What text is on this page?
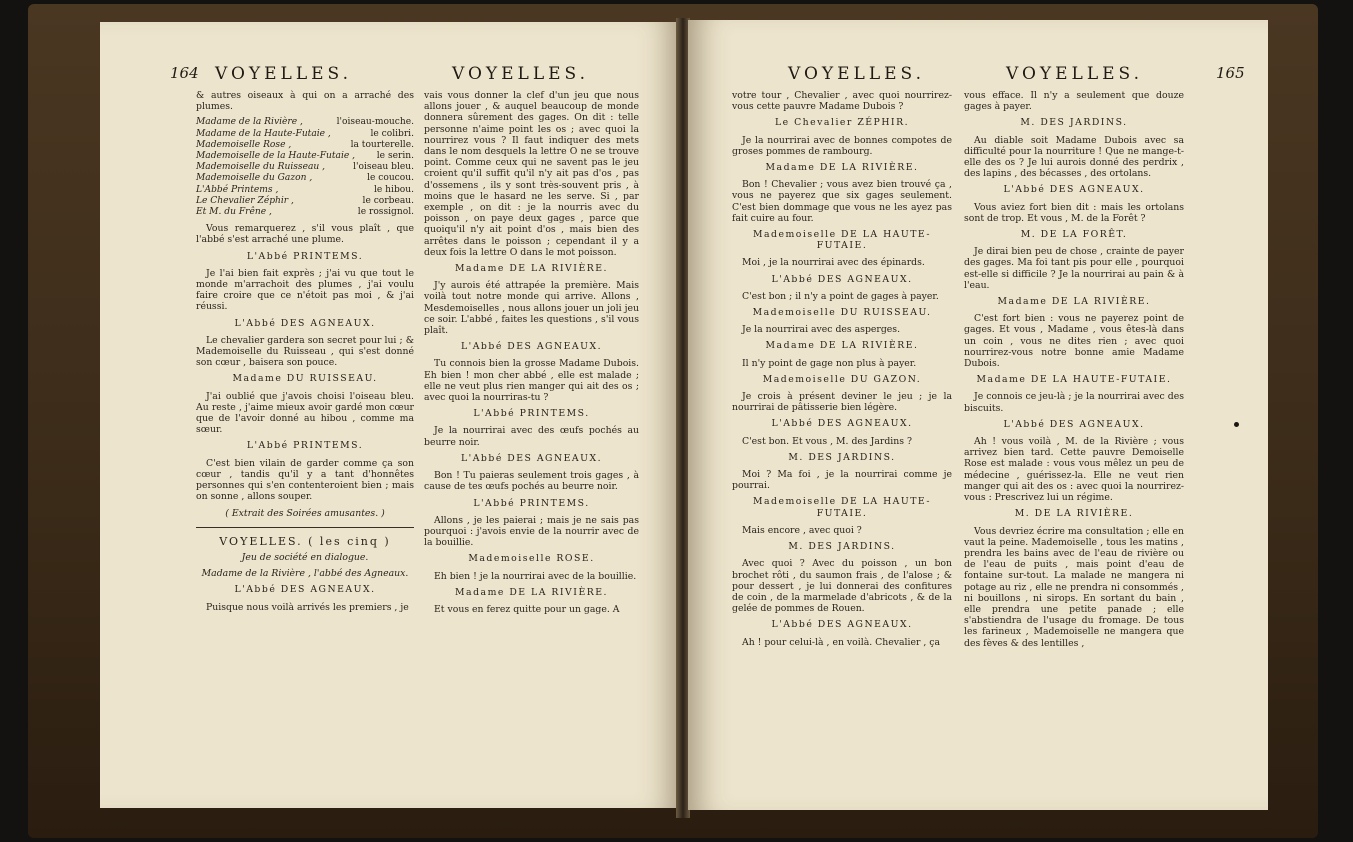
164 VOYELLES.	VOYELLES.

& autres oiseaux à qui on a arraché des plumes.

Madame de la Rivière ,	l'oiseau-mouche.
Madame de la Haute-Futaie ,	le colibri.
Mademoiselle Rose ,	la tourterelle.
Mademoiselle de la Haute-Futaie , le serin.
Mademoiselle du Ruisseau ,	l'oiseau bleu.
Mademoiselle du Gazon ,	le coucou.
L'Abbé Printems ,	le hibou.
Le Chevalier Zéphir ,	le corbeau.
Et M. du Frêne ,	le rossignol.

Vous remarquerez , s'il vous plaît , que l'abbé s'est arraché une plume.

L'Abbé PRINTEMS.

Je l'ai bien fait exprès ; j'ai vu que tout le monde m'arrachoit des plumes , j'ai voulu faire croire que ce n'étoit pas moi , & j'ai réussi.

L'Abbé DES AGNEAUX.

Le chevalier gardera son secret pour lui ; & Mademoiselle du Ruisseau , qui s'est donné son cœur , baisera son pouce.

Madame DU RUISSEAU.

J'ai oublié que j'avois choisi l'oiseau bleu. Au reste , j'aime mieux avoir gardé mon cœur que de l'avoir donné au hibou , comme ma sœur.

L'Abbé PRINTEMS.

C'est bien vilain de garder comme ça son cœur , tandis qu'il y a tant d'honnêtes personnes qui s'en contenteroient bien ; mais on sonne , allons souper.

( Extrait des Soirées amusantes. )

VOYELLES. ( les cinq )

Jeu de société en dialogue.

Madame de la Rivière , l'abbé des Agneaux.

L'Abbé DES AGNEAUX.

Puisque nous voilà arrivés les premiers , je

vais vous donner la clef d'un jeu que nous allons jouer , & auquel beaucoup de monde donnera sûrement des gages. On dit : telle personne n'aime point les os ; avec quoi la nourrirez vous ? Il faut indiquer des mets dans le nom desquels la lettre O ne se trouve point. Comme ceux qui ne savent pas le jeu croient qu'il suffit qu'il n'y ait pas d'os , pas d'ossemens , ils y sont très-souvent pris , à moins que le hasard ne les serve. Si , par exemple , on dit : je la nourris avec du poisson , on paye deux gages , parce que quoiqu'il n'y ait point d'os , mais bien des arrêtes dans le poisson ; cependant il y a deux fois la lettre O dans le mot poisson.

Madame DE LA RIVIÈRE.

J'y aurois été attrapée la première. Mais voilà tout notre monde qui arrive. Allons , Mesdemoiselles , nous allons jouer un joli jeu ce soir. L'abbé , faites les questions , s'il vous plaît.

L'Abbé DES AGNEAUX.

Tu connois bien la grosse Madame Dubois. Eh bien ! mon cher abbé , elle est malade ; elle ne veut plus rien manger qui ait des os ; avec quoi la nourriras-tu ?

L'Abbé PRINTEMS.

Je la nourrirai avec des œufs pochés au beurre noir.

L'Abbé DES AGNEAUX.

Bon ! Tu paieras seulement trois gages , à cause de tes œufs pochés au beurre noir.

L'Abbé PRINTEMS.

Allons , je les paierai ; mais je ne sais pas pourquoi : j'avois envie de la nourrir avec de la bouillie.

Mademoiselle ROSE.

Eh bien ! je la nourrirai avec de la bouillie.

Madame DE LA RIVIÈRE.

Et vous en ferez quitte pour un gage. A

VOYELLES.	VOYELLES.	165

votre tour , Chevalier , avec quoi nourrirez-vous cette pauvre Madame Dubois ?

Le Chevalier ZÉPHIR.

Je la nourrirai avec de bonnes compotes de groses pommes de rambourg.

Madame DE LA RIVIÈRE.

Bon ! Chevalier ; vous avez bien trouvé ça , vous ne payerez que six gages seulement. C'est bien dommage que vous ne les ayez pas fait cuire au four.

Mademoiselle DE LA HAUTE-FUTAIE.

Moi , je la nourrirai avec des épinards.

L'Abbé DES AGNEAUX.

C'est bon ; il n'y a point de gages à payer.

Mademoiselle DU RUISSEAU.

Je la nourrirai avec des asperges.

Madame DE LA RIVIÈRE.

Il n'y point de gage non plus à payer.

Mademoiselle DU GAZON.

Je crois à présent deviner le jeu ; je la nourrirai de pâtisserie bien légère.

L'Abbé DES AGNEAUX.

C'est bon. Et vous , M. des Jardins ?

M. DES JARDINS.

Moi ? Ma foi , je la nourrirai comme je pourrai.

Mademoiselle DE LA HAUTE-FUTAIE.

Mais encore , avec quoi ?

M. DES JARDINS.

Avec quoi ? Avec du poisson , un bon brochet rôti , du saumon frais , de l'alose ; & pour dessert , je lui donnerai des confitures de coin , de la marmelade d'abricots , & de la gelée de pommes de Rouen.

L'Abbé DES AGNEAUX.

Ah ! pour celui-là , en voilà. Chevalier , ça

vous efface. Il n'y a seulement que douze gages à payer.

M. DES JARDINS.

Au diable soit Madame Dubois avec sa difficulté pour la nourriture ! Que ne mange-t-elle des os ? Je lui aurois donné des perdrix , des lapins , des bécasses , des ortolans.

L'Abbé DES AGNEAUX.

Vous aviez fort bien dit : mais les ortolans sont de trop. Et vous , M. de la Forêt ?

M. DE LA FORÊT.

Je dirai bien peu de chose , crainte de payer des gages. Ma foi tant pis pour elle , pourquoi est-elle si difficile ? Je la nourrirai au pain & à l'eau.

Madame DE LA RIVIÈRE.

C'est fort bien : vous ne payerez point de gages. Et vous , Madame , vous êtes-là dans un coin , vous ne dites rien ; avec quoi nourrirez-vous notre bonne amie Madame Dubois.

Madame DE LA HAUTE-FUTAIE.

Je connois ce jeu-là ; je la nourrirai avec des biscuits.

L'Abbé DES AGNEAUX.

Ah ! vous voilà , M. de la Rivière ; vous arrivez bien tard. Cette pauvre Demoiselle Rose est malade : vous vous mêlez un peu de médecine , guérissez-la. Elle ne veut rien manger qui ait des os : avec quoi la nourrirez-vous : Prescrivez lui un régime.

M. DE LA RIVIÈRE.

Vous devriez écrire ma consultation ; elle en vaut la peine. Mademoiselle , tous les matins , prendra les bains avec de l'eau de rivière ou de l'eau de puits , mais point d'eau de fontaine sur-tout. La malade ne mangera ni potage au riz , elle ne prendra ni consommés , ni bouillons , ni sirops. En sortant du bain , elle prendra une petite panade ; elle s'abstiendra de l'usage du fromage. De tous les farineux , Mademoiselle ne mangera que des fèves & des lentilles ,
